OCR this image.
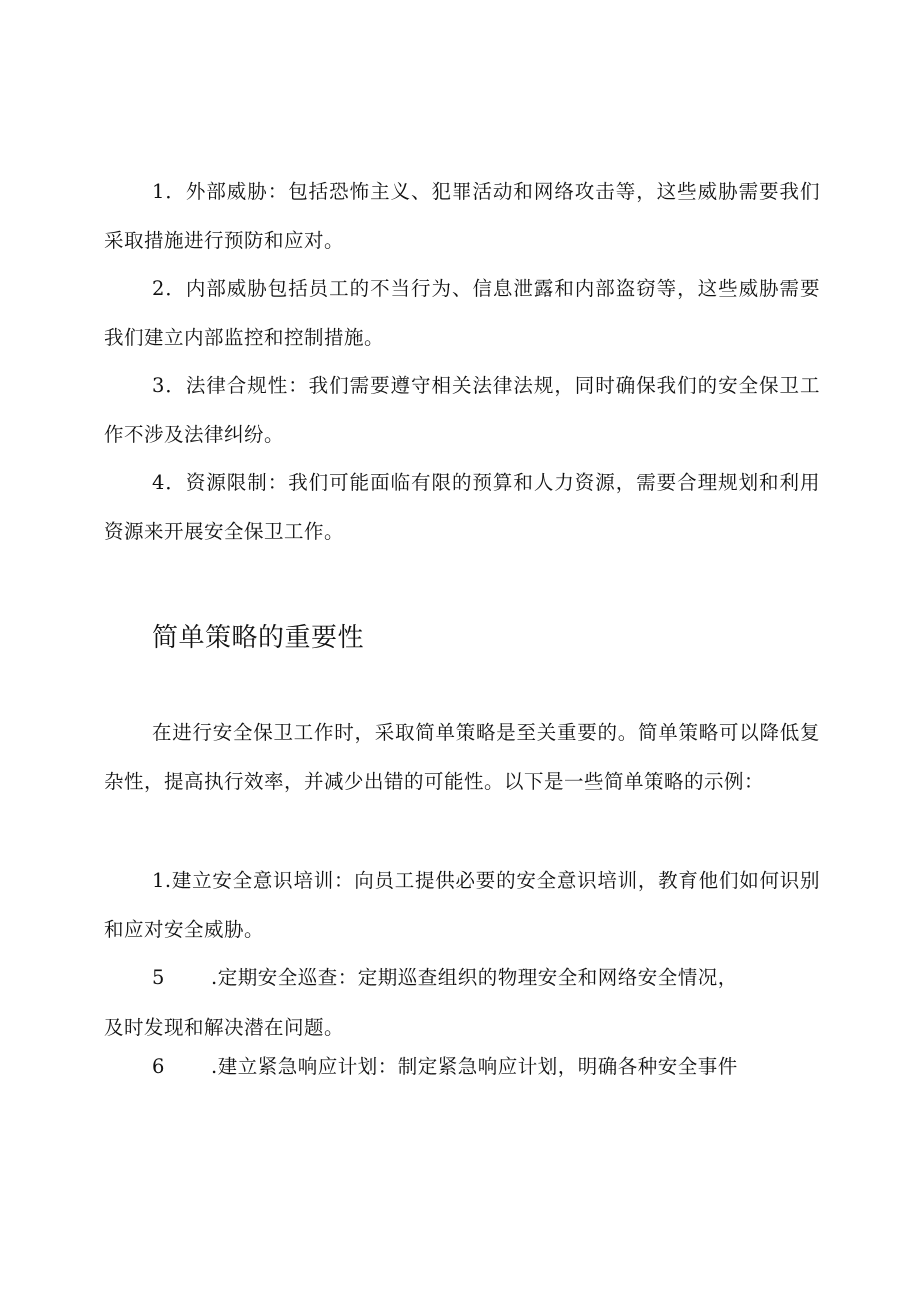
1．外部威胁：包括恐怖主义、犯罪活动和网络攻击等，这些威胁需要我们采取措施进行预防和应对。

2．内部威胁包括员工的不当行为、信息泄露和内部盗窃等，这些威胁需要我们建立内部监控和控制措施。

3．法律合规性：我们需要遵守相关法律法规，同时确保我们的安全保卫工作不涉及法律纠纷。

4．资源限制：我们可能面临有限的预算和人力资源，需要合理规划和利用资源来开展安全保卫工作。

简单策略的重要性

在进行安全保卫工作时，采取简单策略是至关重要的。简单策略可以降低复杂性，提高执行效率，并减少出错的可能性。以下是一些简单策略的示例：

1.建立安全意识培训：向员工提供必要的安全意识培训，教育他们如何识别和应对安全威胁。

5 .定期安全巡查：定期巡查组织的物理安全和网络安全情况，
及时发现和解决潜在问题。
6 .建立紧急响应计划：制定紧急响应计划，明确各种安全事件
